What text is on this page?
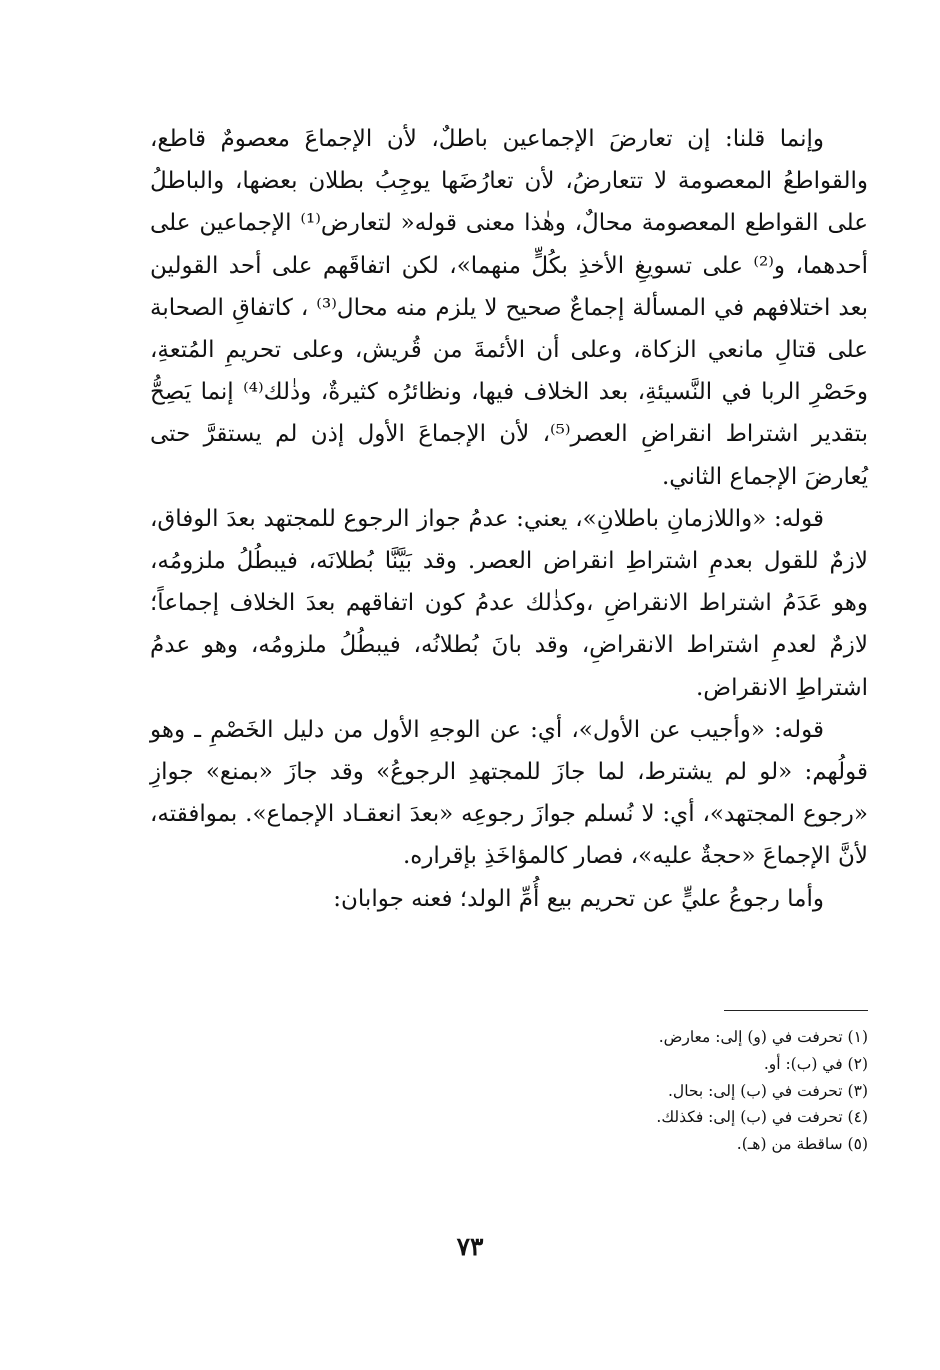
وإنما قلنا: إن تعارضَ الإجماعين باطلٌ، لأن الإجماعَ معصومٌ قاطع، والقواطعُ المعصومة لا تتعارضُ، لأن تعارُضَها يوجِبُ بطلان بعضها، والباطلُ على القواطع المعصومة محالٌ، وهٰذا معنى قوله« لتعارض⁽¹⁾ الإجماعين على أحدهما، و⁽²⁾ على تسويغِ الأخذِ بكُلٍّ منهما»، لكن اتفاقَهم على أحد القولين بعد اختلافهم في المسألة إجماعٌ صحيح لا يلزم منه محال⁽³⁾ ، كاتفاقِ الصحابة على قتالِ مانعي الزكاة، وعلى أن الأئمةَ من قُريش، وعلى تحريمِ المُتعةِ، وحَصْرِ الربا في النَّسيئةِ، بعد الخلاف فيها، ونظائرُه كثيرةٌ، وذٰلك⁽⁴⁾ إنما يَصِحُّ بتقدير اشتراط انقراضِ العصر⁽⁵⁾، لأن الإجماعَ الأول إذن لم يستقرَّ حتى يُعارضَ الإجماع الثاني.

قوله: «واللازمانِ باطلانِ»، يعني: عدمُ جواز الرجوع للمجتهد بعدَ الوفاق، لازمٌ للقول بعدمِ اشتراطِ انقراض العصر. وقد بَيَّنَّا بُطلانَه، فيبطُلُ ملزومُه، وهو عَدَمُ اشتراط الانقراضِ ،وكذٰلك عدمُ كون اتفاقهم بعدَ الخلاف إجماعاً؛ لازمٌ لعدمِ اشتراط الانقراضِ، وقد بانَ بُطلانُه، فيبطُلُ ملزومُه، وهو عدمُ اشتراطِ الانقراض.

قوله: «وأجيب عن الأول»، أي: عن الوجهِ الأول من دليل الخَصْمِ ـ وهو قولُهم: «لو لم يشترط، لما جازَ للمجتهدِ الرجوعُ» وقد جازَ «بمنع» جوازِ «رجوع المجتهد»، أي: لا نُسلم جوازَ رجوعِه «بعدَ انعقـاد الإجماع». بموافقته، لأنَّ الإجماعَ «حجةٌ عليه»، فصار كالمؤاخَذِ بإقراره.

وأما رجوعُ عليٍّ عن تحريم بيع أُمِّ الولد؛ فعنه جوابان:

(١) تحرفت في (و) إلى: معارض.
(٢) في (ب): أو.
(٣) تحرفت في (ب) إلى: بحال.
(٤) تحرفت في (ب) إلى: فكذلك.
(٥) ساقطة من (هـ).
٧٣
